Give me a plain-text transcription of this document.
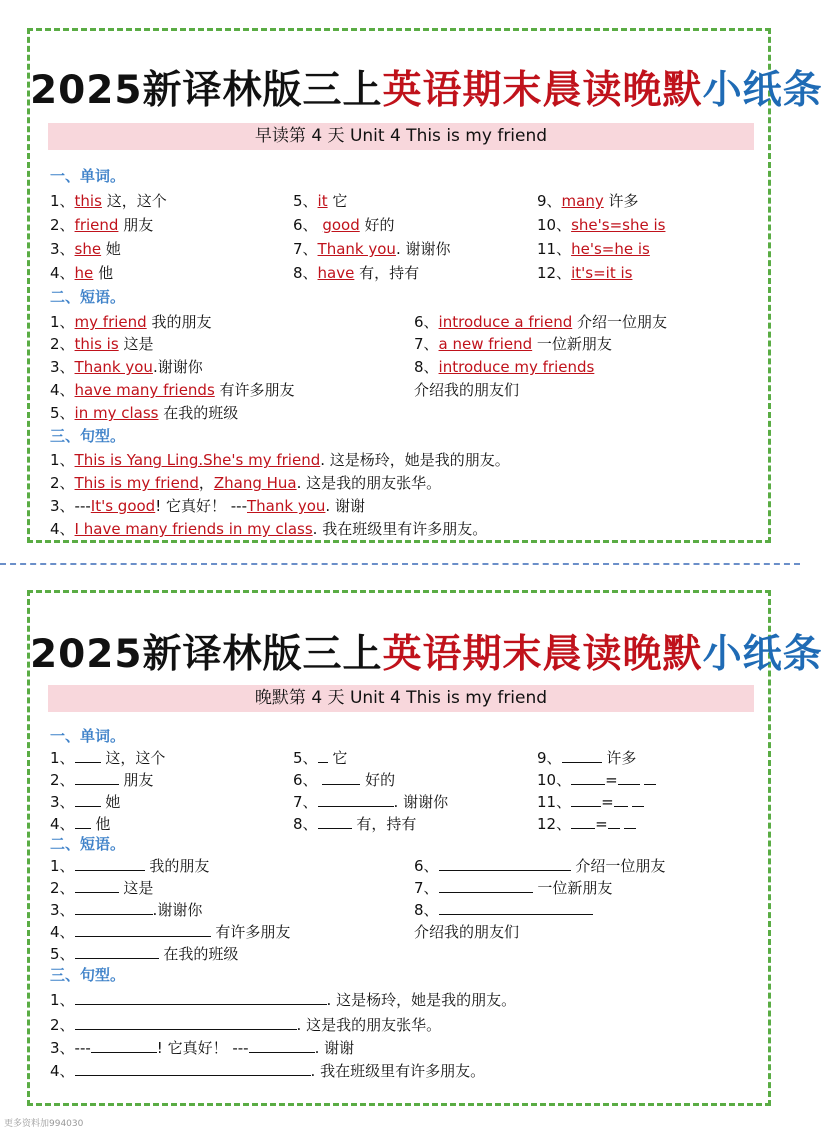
2025新译林版三上英语期末晨读晚默小纸条
早读第 4 天 Unit 4 This is my friend
一、单词。
1、this 这，这个
2、friend 朋友
3、she 她
4、he 他
5、it 它
6、 good 好的
7、Thank you. 谢谢你
8、have 有，持有
9、many 许多
10、she's=she is
11、he's=he is
12、it's=it is
二、短语。
1、my friend 我的朋友
2、this is 这是
3、Thank you.谢谢你
4、have many friends 有许多朋友
5、in my class 在我的班级
6、introduce a friend 介绍一位朋友
7、a new friend 一位新朋友
8、introduce my friends
介绍我的朋友们
三、句型。
1、This is Yang Ling.She's my friend. 这是杨玲，她是我的朋友。
2、This is my friend，Zhang Hua. 这是我的朋友张华。
3、---It's good! 它真好！ ---Thank you. 谢谢
4、I have many friends in my class. 我在班级里有许多朋友。
2025新译林版三上英语期末晨读晚默小纸条
晚默第 4 天 Unit 4 This is my friend
一、单词。
1、 这，这个
2、	朋友
3、 她
4、 他
5、 它
6、	好的
7、	. 谢谢你
8、 有，持有
9、	许多
10、 =
11、 =
12、 =
二、短语。
1、	我的朋友
2、	这是
3、	.谢谢你
4、	有许多朋友
5、	在我的班级
6、	介绍一位朋友
7、	一位新朋友
8、
介绍我的朋友们
三、句型。
1、	. 这是杨玲，她是我的朋友。
2、	. 这是我的朋友张华。
3、---	! 它真好！ ---	. 谢谢
4、	. 我在班级里有许多朋友。
更多资料加994030
